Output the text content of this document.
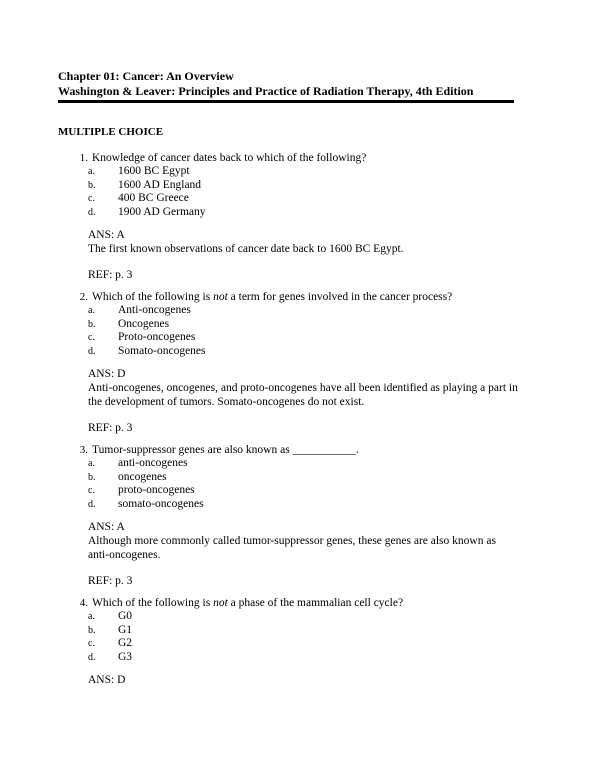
Chapter 01: Cancer: An Overview
Washington & Leaver: Principles and Practice of Radiation Therapy, 4th Edition
MULTIPLE CHOICE
1. Knowledge of cancer dates back to which of the following?
a.	1600 BC Egypt
b.	1600 AD England
c.	400 BC Greece
d.	1900 AD Germany
ANS: A
The first known observations of cancer date back to 1600 BC Egypt.
REF: p. 3
2. Which of the following is not a term for genes involved in the cancer process?
a.	Anti-oncogenes
b.	Oncogenes
c.	Proto-oncogenes
d.	Somato-oncogenes
ANS: D
Anti-oncogenes, oncogenes, and proto-oncogenes have all been identified as playing a part in the development of tumors. Somato-oncogenes do not exist.
REF: p. 3
3. Tumor-suppressor genes are also known as ___________.
a.	anti-oncogenes
b.	oncogenes
c.	proto-oncogenes
d.	somato-oncogenes
ANS: A
Although more commonly called tumor-suppressor genes, these genes are also known as anti-oncogenes.
REF: p. 3
4. Which of the following is not a phase of the mammalian cell cycle?
a.	G0
b.	G1
c.	G2
d.	G3
ANS: D
